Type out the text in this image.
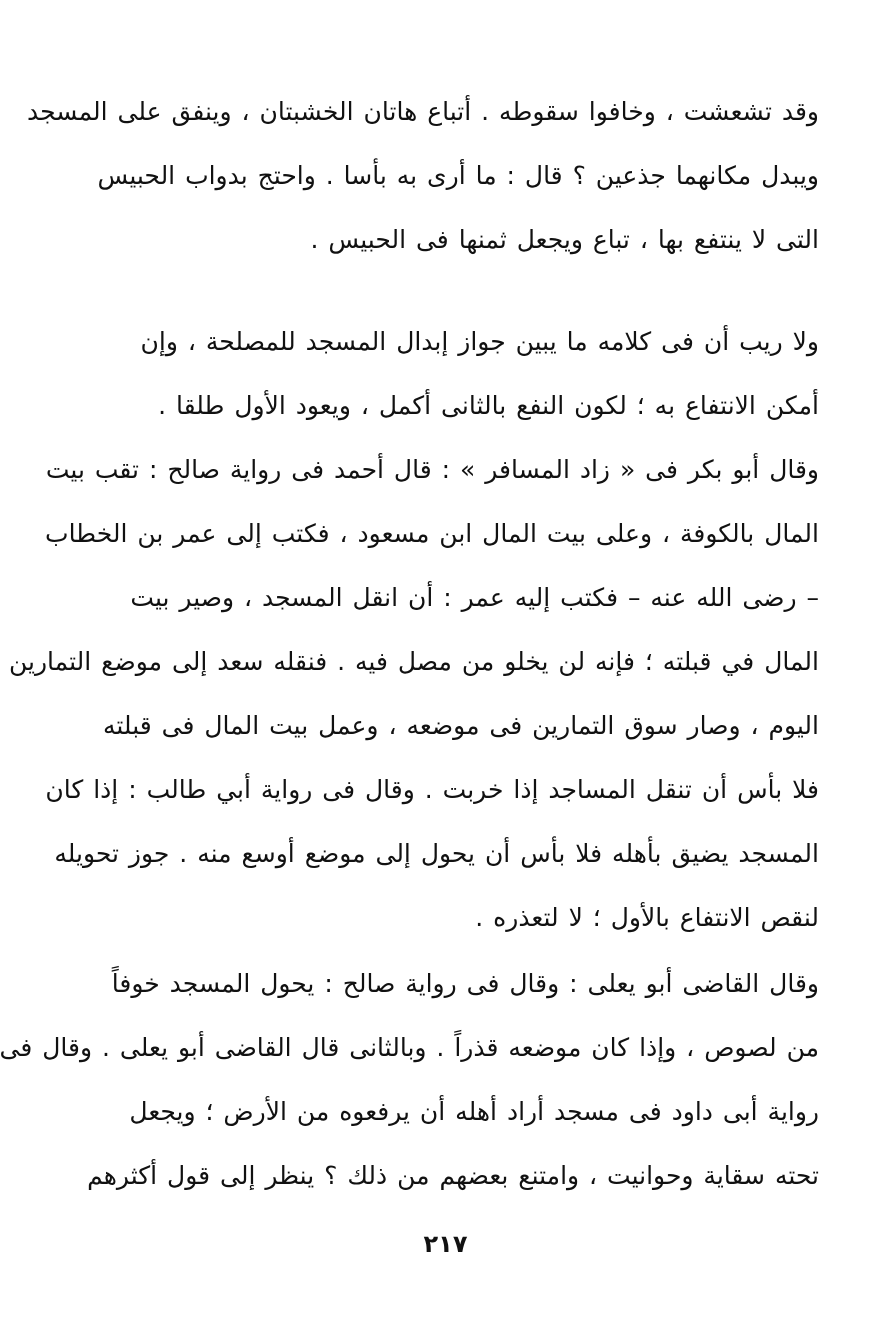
وقد تشعشت ، وخافوا سقوطه . أتباع هاتان الخشبتان ، وينفق على المسجد
ويبدل مكانهما جذعين ؟ قال : ما أرى به بأسا . واحتج بدواب الحبيس
التى لا ينتفع بها ، تباع ويجعل ثمنها فى الحبيس .
ولا ريب أن فى كلامه ما يبين جواز إبدال المسجد للمصلحة ، وإن
أمكن الانتفاع به ؛ لكون النفع بالثانى أكمل ، ويعود الأول طلقا .
وقال أبو بكر فى « زاد المسافر » : قال أحمد فى رواية صالح : تقب بيت
المال بالكوفة ، وعلى بيت المال ابن مسعود ، فكتب إلى عمر بن الخطاب
– رضى الله عنه – فكتب إليه عمر : أن انقل المسجد ، وصير بيت
المال في قبلته ؛ فإنه لن يخلو من مصل فيه . فنقله سعد إلى موضع التمارين
اليوم ، وصار سوق التمارين فى موضعه ، وعمل بيت المال فى قبلته
فلا بأس أن تنقل المساجد إذا خربت . وقال فى رواية أبي طالب : إذا كان
المسجد يضيق بأهله فلا بأس أن يحول إلى موضع أوسع منه . جوز تحويله
لنقص الانتفاع بالأول ؛ لا لتعذره .
وقال القاضى أبو يعلى : وقال فى رواية صالح : يحول المسجد خوفاً
من لصوص ، وإذا كان موضعه قذراً . وبالثانى قال القاضى أبو يعلى . وقال فى
رواية أبى داود فى مسجد أراد أهله أن يرفعوه من الأرض ؛ ويجعل
تحته سقاية وحوانيت ، وامتنع بعضهم من ذلك ؟ ينظر إلى قول أكثرهم
٢١٧
